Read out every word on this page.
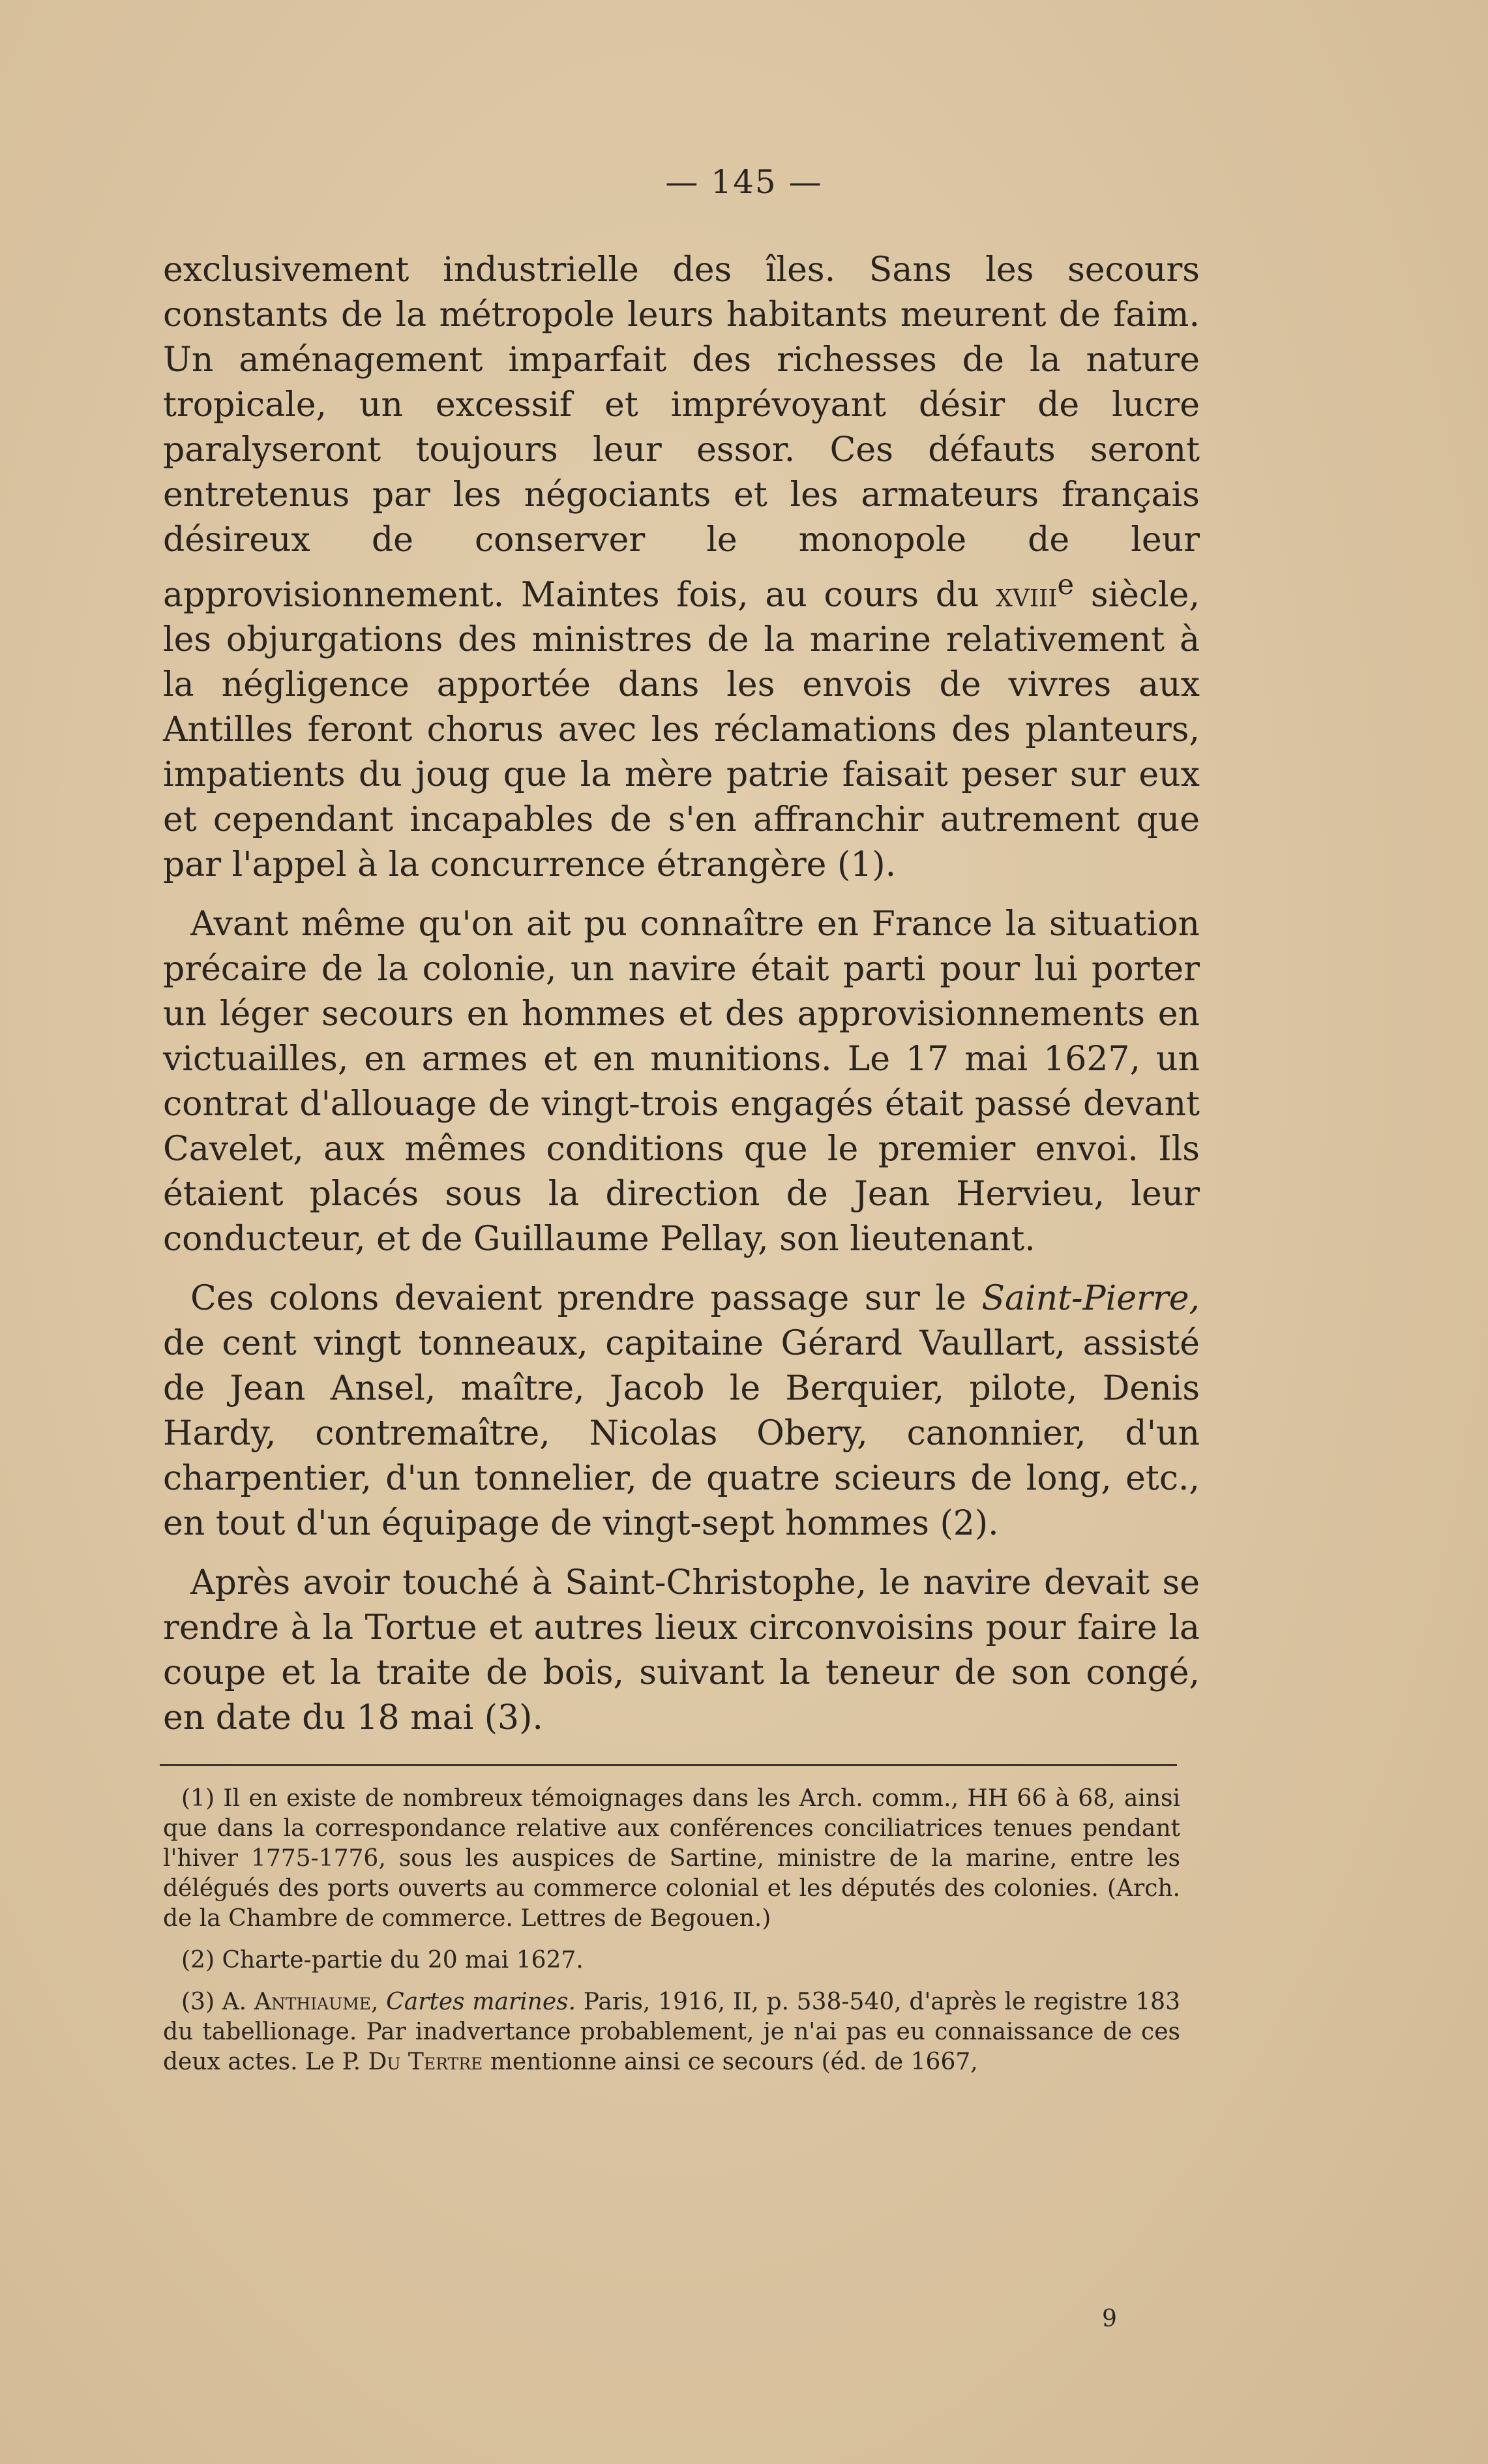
— 145 —

exclusivement industrielle des îles. Sans les secours constants de la métropole leurs habitants meurent de faim. Un aménagement imparfait des richesses de la nature tropicale, un excessif et imprévoyant désir de lucre paralyseront toujours leur essor. Ces défauts seront entretenus par les négociants et les armateurs français désireux de conserver le monopole de leur approvisionnement. Maintes fois, au cours du xviii$^e$ siècle, les objurgations des ministres de la marine relativement à la négligence apportée dans les envois de vivres aux Antilles feront chorus avec les réclamations des planteurs, impatients du joug que la mère patrie faisait peser sur eux et cependant incapables de s'en affranchir autrement que par l'appel à la concurrence étrangère (1).

Avant même qu'on ait pu connaître en France la situation précaire de la colonie, un navire était parti pour lui porter un léger secours en hommes et des approvisionnements en victuailles, en armes et en munitions. Le 17 mai 1627, un contrat d'allouage de vingt-trois engagés était passé devant Cavelet, aux mêmes conditions que le premier envoi. Ils étaient placés sous la direction de Jean Hervieu, leur conducteur, et de Guillaume Pellay, son lieutenant.

Ces colons devaient prendre passage sur le Saint-Pierre, de cent vingt tonneaux, capitaine Gérard Vaullart, assisté de Jean Ansel, maître, Jacob le Berquier, pilote, Denis Hardy, contremaître, Nicolas Obery, canonnier, d'un charpentier, d'un tonnelier, de quatre scieurs de long, etc., en tout d'un équipage de vingt-sept hommes (2).

Après avoir touché à Saint-Christophe, le navire devait se rendre à la Tortue et autres lieux circonvoisins pour faire la coupe et la traite de bois, suivant la teneur de son congé, en date du 18 mai (3).

(1) Il en existe de nombreux témoignages dans les Arch. comm., HH 66 à 68, ainsi que dans la correspondance relative aux conférences conciliatrices tenues pendant l'hiver 1775-1776, sous les auspices de Sartine, ministre de la marine, entre les délégués des ports ouverts au commerce colonial et les députés des colonies. (Arch. de la Chambre de commerce. Lettres de Begouen.)

(2) Charte-partie du 20 mai 1627.

(3) A. Anthiaume, Cartes marines. Paris, 1916, II, p. 538-540, d'après le registre 183 du tabellionage. Par inadvertance probablement, je n'ai pas eu connaissance de ces deux actes. Le P. Du Tertre mentionne ainsi ce secours (éd. de 1667,

9
